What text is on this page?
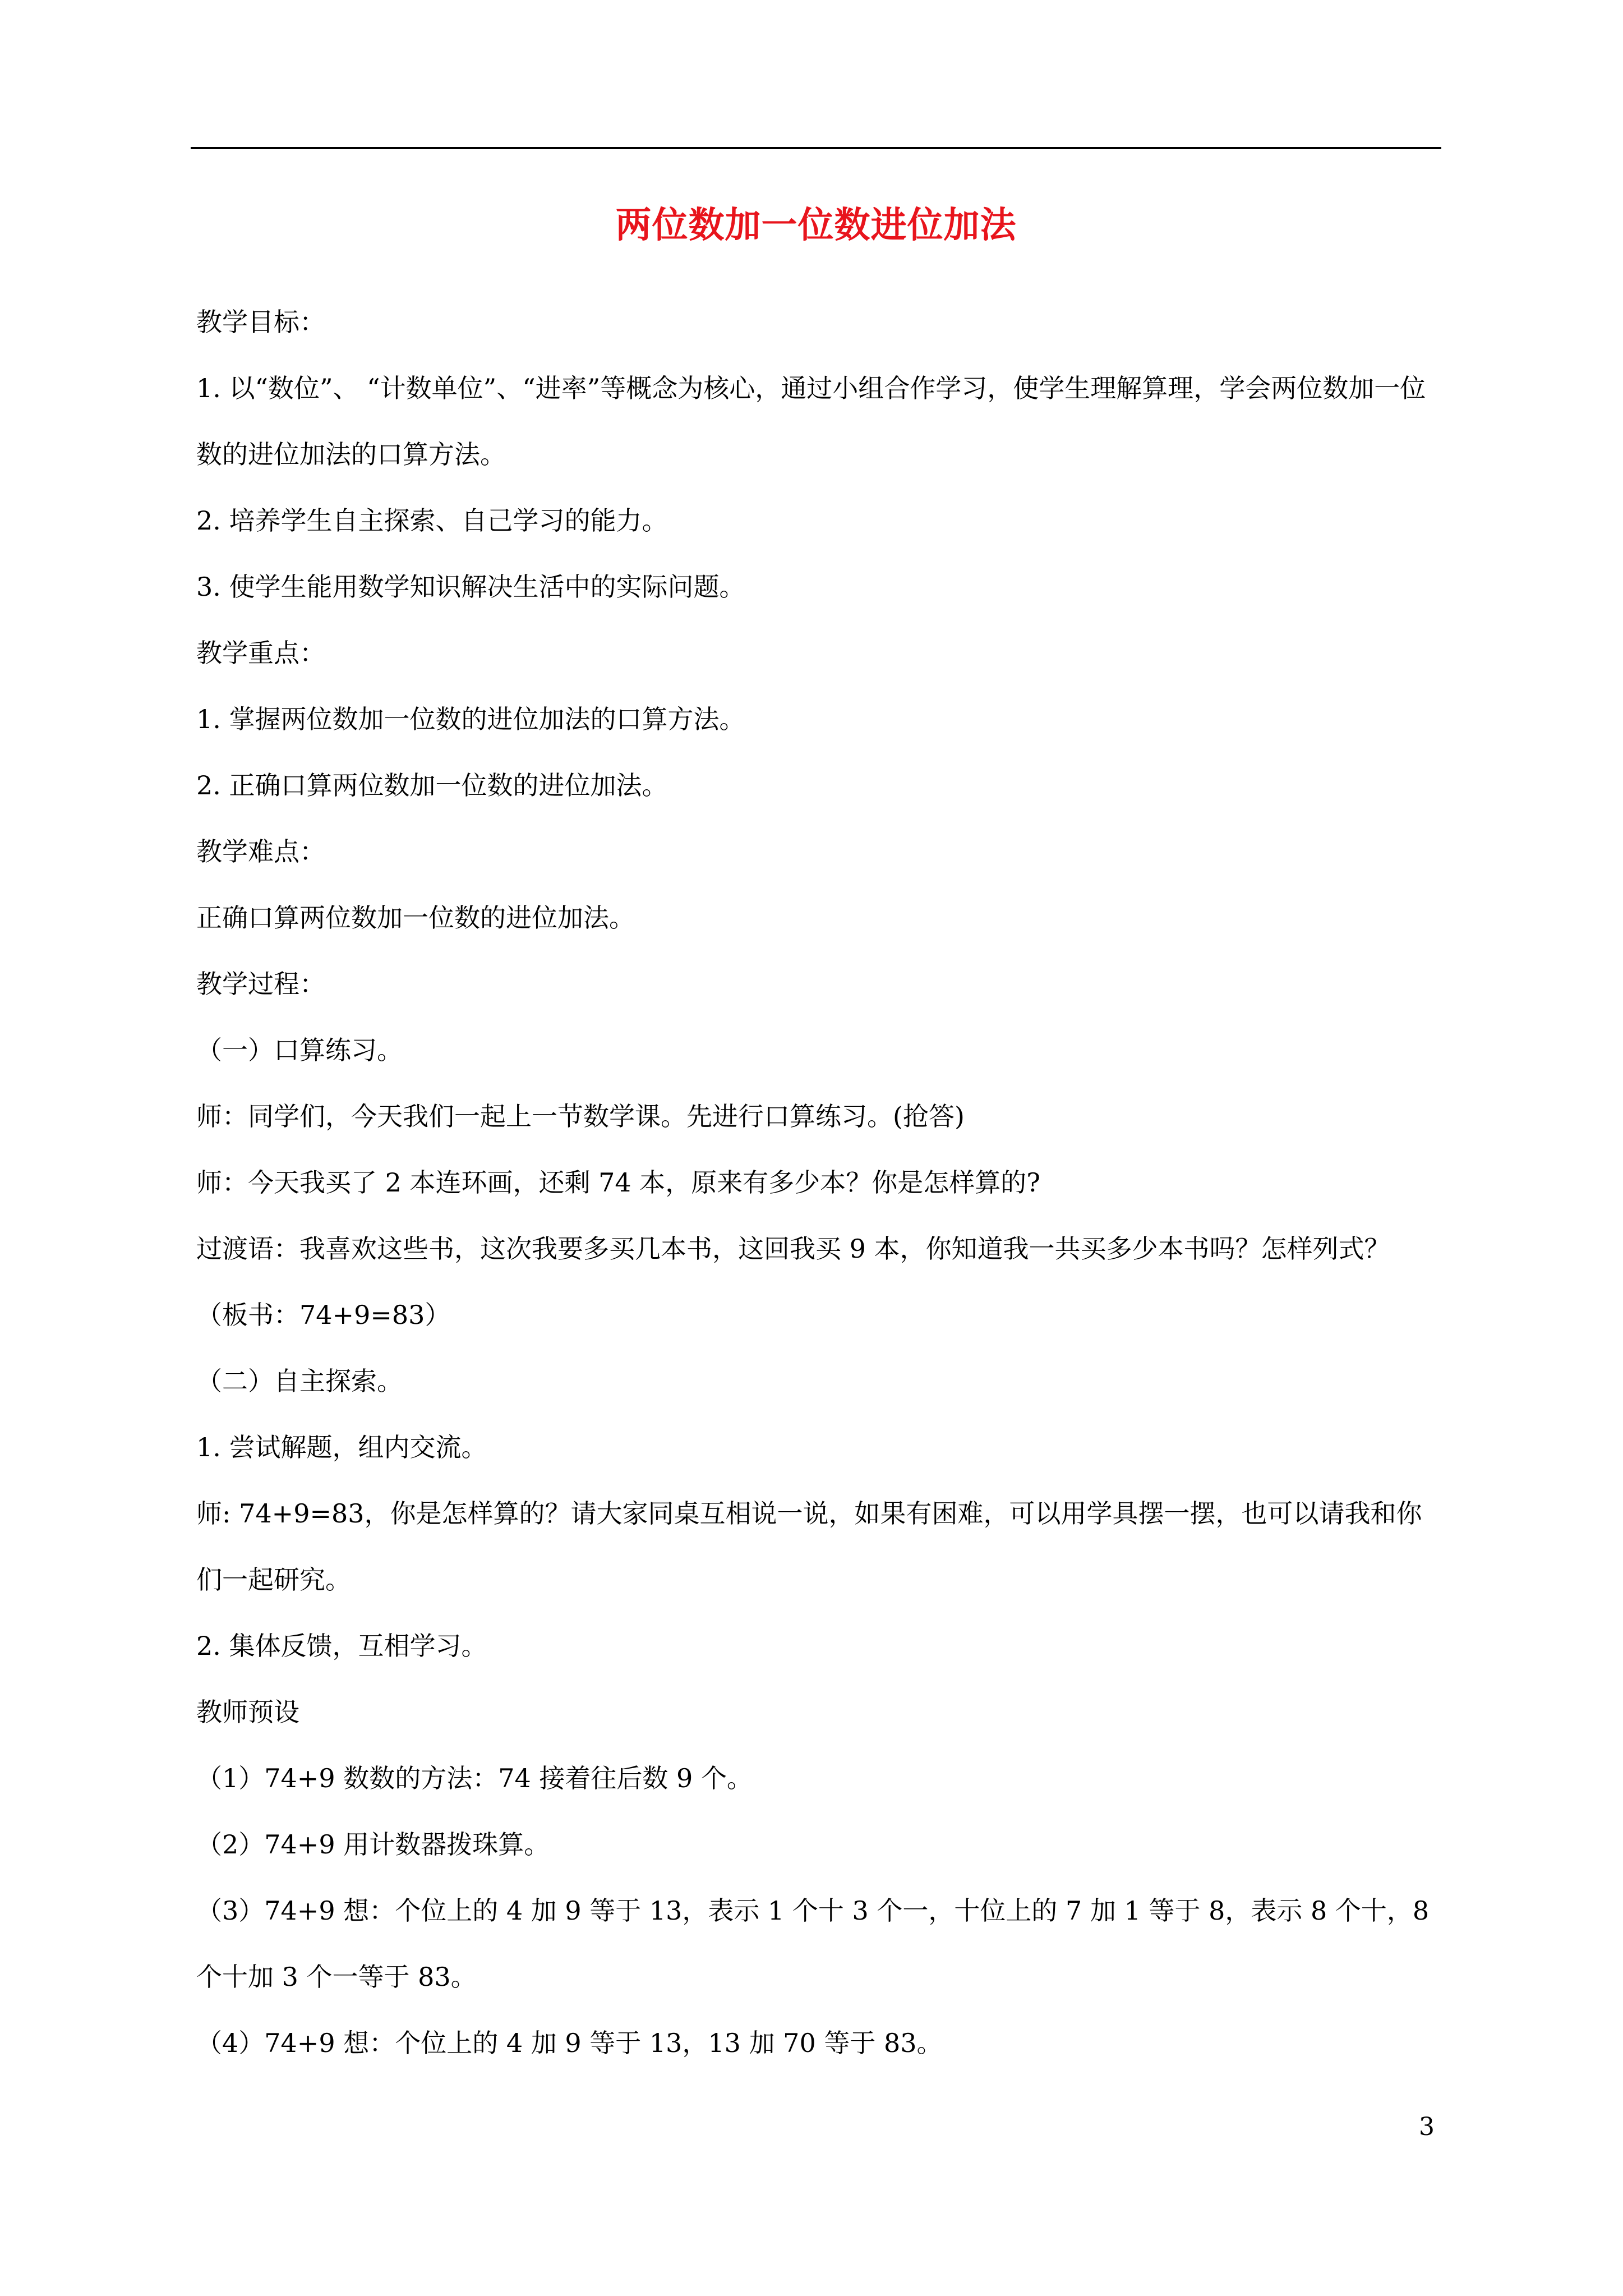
两位数加一位数进位加法

教学目标：

1. 以“数位”、 “计数单位”、“进率”等概念为核心，通过小组合作学习，使学生理解算理，学会两位数加一位数的进位加法的口算方法。

2. 培养学生自主探索、自己学习的能力。

3. 使学生能用数学知识解决生活中的实际问题。

教学重点：

1. 掌握两位数加一位数的进位加法的口算方法。

2. 正确口算两位数加一位数的进位加法。

教学难点：

正确口算两位数加一位数的进位加法。

教学过程：

（一）口算练习。

师：同学们，今天我们一起上一节数学课。先进行口算练习。(抢答)

师：今天我买了 2 本连环画，还剩 74 本，原来有多少本？你是怎样算的?

过渡语：我喜欢这些书，这次我要多买几本书，这回我买 9 本，你知道我一共买多少本书吗？怎样列式？

（板书：74+9=83）

（二）自主探索。

1. 尝试解题，组内交流。

师: 74+9=83，你是怎样算的？请大家同桌互相说一说，如果有困难，可以用学具摆一摆，也可以请我和你们一起研究。

2. 集体反馈，互相学习。

教师预设

（1）74+9 数数的方法：74 接着往后数 9 个。

（2）74+9 用计数器拨珠算。

（3）74+9 想：个位上的 4 加 9 等于 13，表示 1 个十 3 个一，十位上的 7 加 1 等于 8，表示 8 个十，8 个十加 3 个一等于 83。

（4）74+9 想：个位上的 4 加 9 等于 13，13 加 70 等于 83。

3
